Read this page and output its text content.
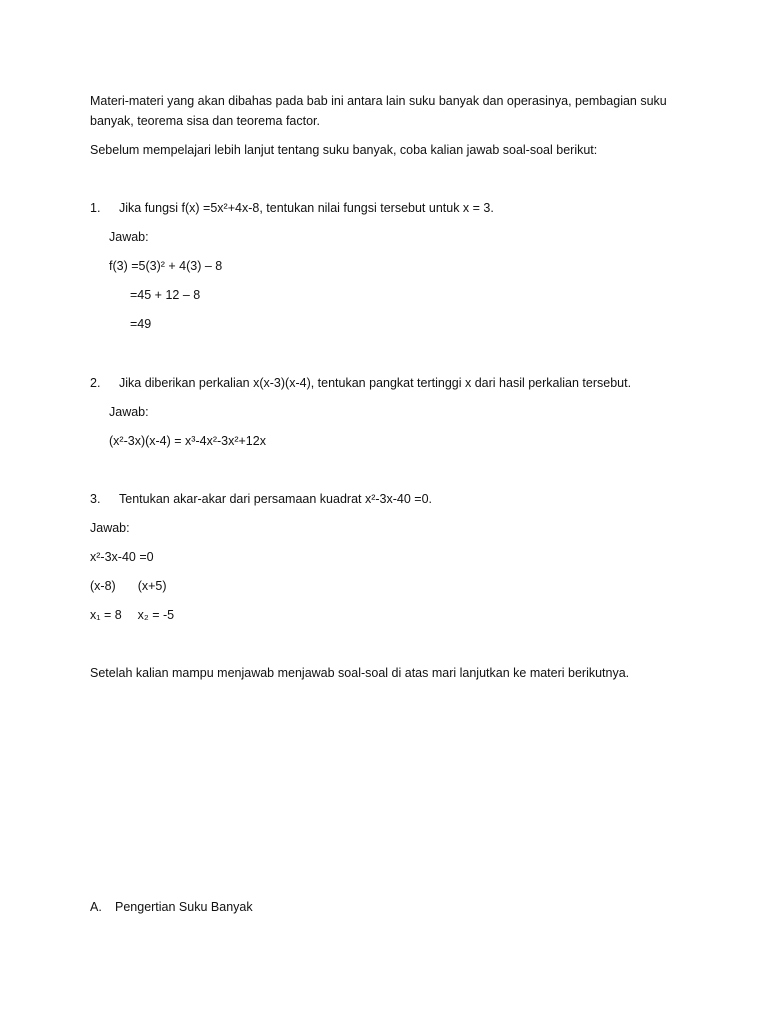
Materi-materi yang akan dibahas pada bab ini antara lain suku banyak dan operasinya, pembagian suku
banyak, teorema sisa dan teorema factor.
Sebelum mempelajari lebih lanjut tentang suku banyak, coba kalian jawab soal-soal berikut:
1. Jika fungsi f(x) =5x²+4x-8, tentukan nilai fungsi tersebut untuk x = 3.
Jawab:
f(3) =5(3)² + 4(3) – 8
=45 + 12 – 8
=49
2. Jika diberikan perkalian x(x-3)(x-4), tentukan pangkat tertinggi x dari hasil perkalian tersebut.
Jawab:
(x²-3x)(x-4) = x³-4x²-3x²+12x
3. Tentukan akar-akar dari persamaan kuadrat x²-3x-40 =0.
Jawab:
x²-3x-40 =0
(x-8) (x+5)
x₁ = 8 x₂ = -5
Setelah kalian mampu menjawab menjawab soal-soal di atas mari lanjutkan ke materi berikutnya.
A. Pengertian Suku Banyak
